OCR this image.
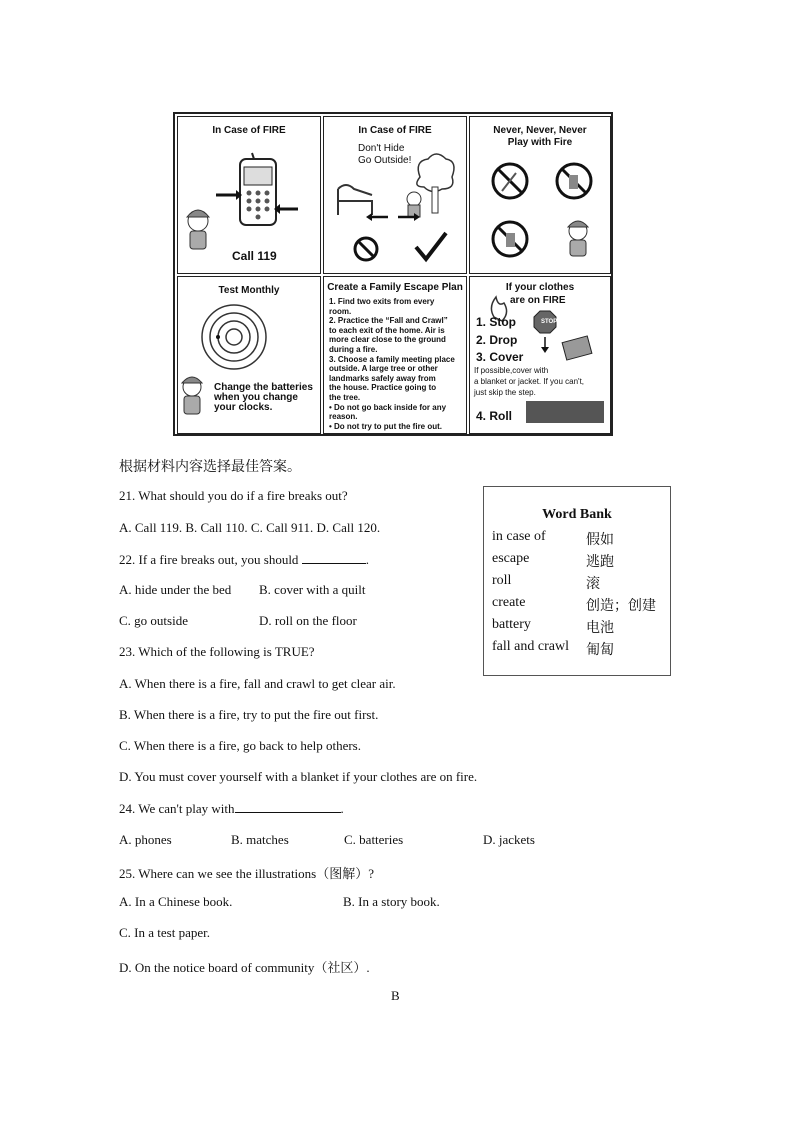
In Case of FIRE
Call 119
In Case of FIRE
Don't Hide
Go Outside!
Never, Never, Never
Play with Fire
Test Monthly
Change the batteries
when you change
your clocks.
Create a Family Escape Plan
1. Find two exits from every
room.
2. Practice the “Fall and Crawl”
to each exit of the home. Air is
more clear close to the ground
during a fire.
3. Choose a family meeting place
outside. A large tree or other
landmarks safely away from
the house. Practice going to
the tree.
• Do not go back inside for any
reason.
• Do not try to put the fire out.
If your clothes
are on FIRE
STOP
1. Stop
2. Drop
3. Cover
If possible,cover with
a blanket or jacket. If you can't,
just skip the step.
4. Roll
根据材料内容选择最佳答案。
21. What should you do if a fire breaks out?
A. Call 119. B. Call 110. C. Call 911. D. Call 120.
22. If a fire breaks out, you should	.
A. hide under the bed B. cover with a quilt
C. go outside	D. roll on the floor
23. Which of the following is TRUE?
A. When there is a fire, fall and crawl to get clear air.
B. When there is a fire, try to put the fire out first.
C. When there is a fire, go back to help others.
D. You must cover yourself with a blanket if your clothes are on fire.
24. We can't play with	.
A. phones	B. matches	C. batteries	D. jackets
25. Where can we see the illustrations（图解）?
A. In a Chinese book.	B. In a story book.
C. In a test paper.
D. On the notice board of community（社区）.
Word Bank
in case of	假如
escape	逃跑
roll	滚
create	创造；创建
battery	电池
fall and crawl 匍匐
B
